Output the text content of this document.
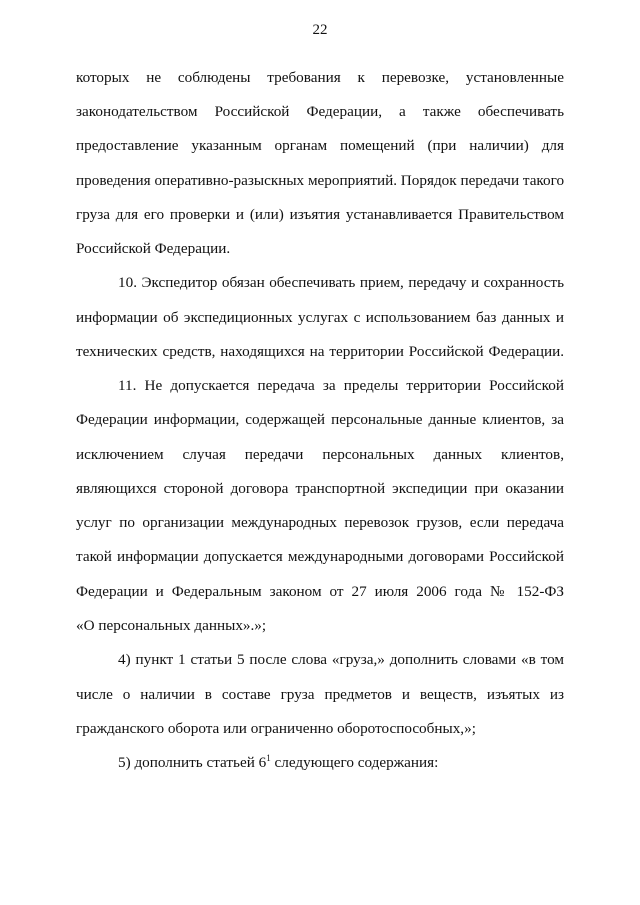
22
которых не соблюдены требования к перевозке, установленные
законодательством Российской Федерации, а также обеспечивать
предоставление указанным органам помещений (при наличии) для
проведения оперативно-разыскных мероприятий. Порядок передачи такого
груза для его проверки и (или) изъятия устанавливается Правительством
Российской Федерации.
10. Экспедитор обязан обеспечивать прием, передачу и сохранность
информации об экспедиционных услугах с использованием баз данных и
технических средств, находящихся на территории Российской Федерации.
11. Не допускается передача за пределы территории Российской
Федерации информации, содержащей персональные данные клиентов, за
исключением случая передачи персональных данных клиентов,
являющихся стороной договора транспортной экспедиции при оказании
услуг по организации международных перевозок грузов, если передача
такой информации допускается международными договорами Российской
Федерации и Федеральным законом от 27 июля 2006 года № 152-ФЗ
«О персональных данных».»;
4) пункт 1 статьи 5 после слова «груза,» дополнить словами «в том
числе о наличии в составе груза предметов и веществ, изъятых из
гражданского оборота или ограниченно оборотоспособных,»;
5) дополнить статьей $6^1$ следующего содержания:
